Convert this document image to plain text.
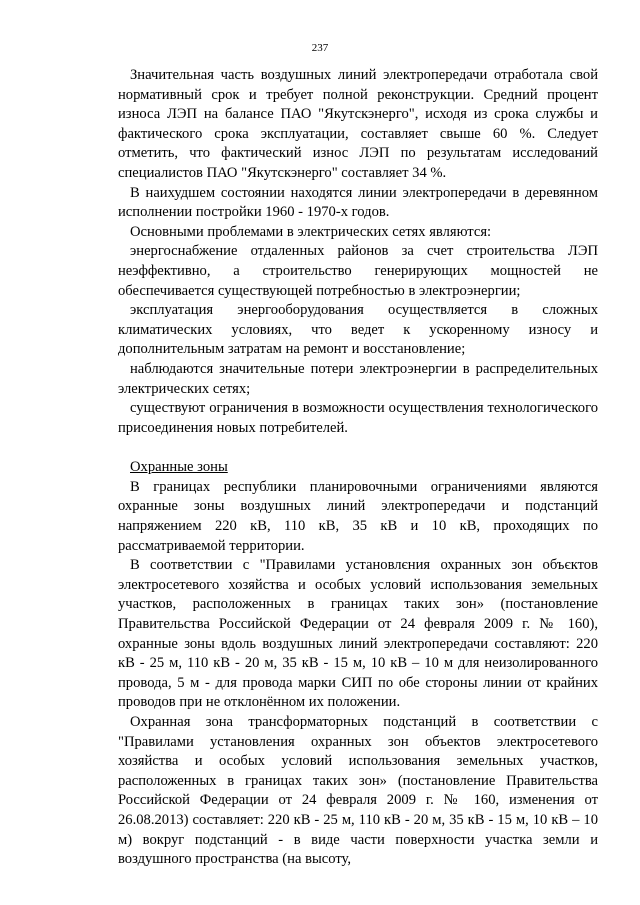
237

Значительная часть воздушных линий электропередачи отработала свой нормативный срок и требует полной реконструкции. Средний процент износа ЛЭП на балансе ПАО "Якутскэнерго", исходя из срока службы и фактического срока эксплуатации, составляет свыше 60 %. Следует отметить, что фактический износ ЛЭП по результатам исследований специалистов ПАО "Якутскэнерго" составляет 34 %.

В наихудшем состоянии находятся линии электропередачи в деревянном исполнении постройки 1960 - 1970-х годов.

Основными проблемами в электрических сетях являются:

энергоснабжение отдаленных районов за счет строительства ЛЭП неэффективно, а строительство генерирующих мощностей не обеспечивается существующей потребностью в электроэнергии;

эксплуатация энергооборудования осуществляется в сложных климатических условиях, что ведет к ускоренному износу и дополнительным затратам на ремонт и восстановление;

наблюдаются значительные потери электроэнергии в распределительных электрических сетях;

существуют ограничения в возможности осуществления технологического присоединения новых потребителей.

Охранные зоны

В границах республики планировочными ограничениями являются охранные зоны воздушных линий электропередачи и подстанций напряжением 220 кВ, 110 кВ, 35 кВ и 10 кВ, проходящих по рассматриваемой территории.

В соответствии с "Правилами установлєния охранных зон объєктов электросетевого хозяйства и особых условий использования земельных участков, расположенных в границах таких зон» (постановление Правительства Российской Федерации от 24 февраля 2009 г. № 160), охранные зоны вдоль воздушных линий электропередачи составляют: 220 кВ - 25 м, 110 кВ - 20 м, 35 кВ - 15 м, 10 кВ – 10 м для неизолированного провода, 5 м - для провода марки СИП по обе стороны линии от крайних проводов при не отклонённом их положении.

Охранная зона трансформаторных подстанций в соответствии с "Правилами установления охранных зон объектов электросетевого хозяйства и особых условий использования земельных участков, расположенных в границах таких зон» (постановление Правительства Российской Федерации от 24 февраля 2009 г. № 160, изменения от 26.08.2013) составляет: 220 кВ - 25 м, 110 кВ - 20 м, 35 кВ - 15 м, 10 кВ – 10 м) вокруг подстанций - в виде части поверхности участка земли и воздушного пространства (на высоту,
